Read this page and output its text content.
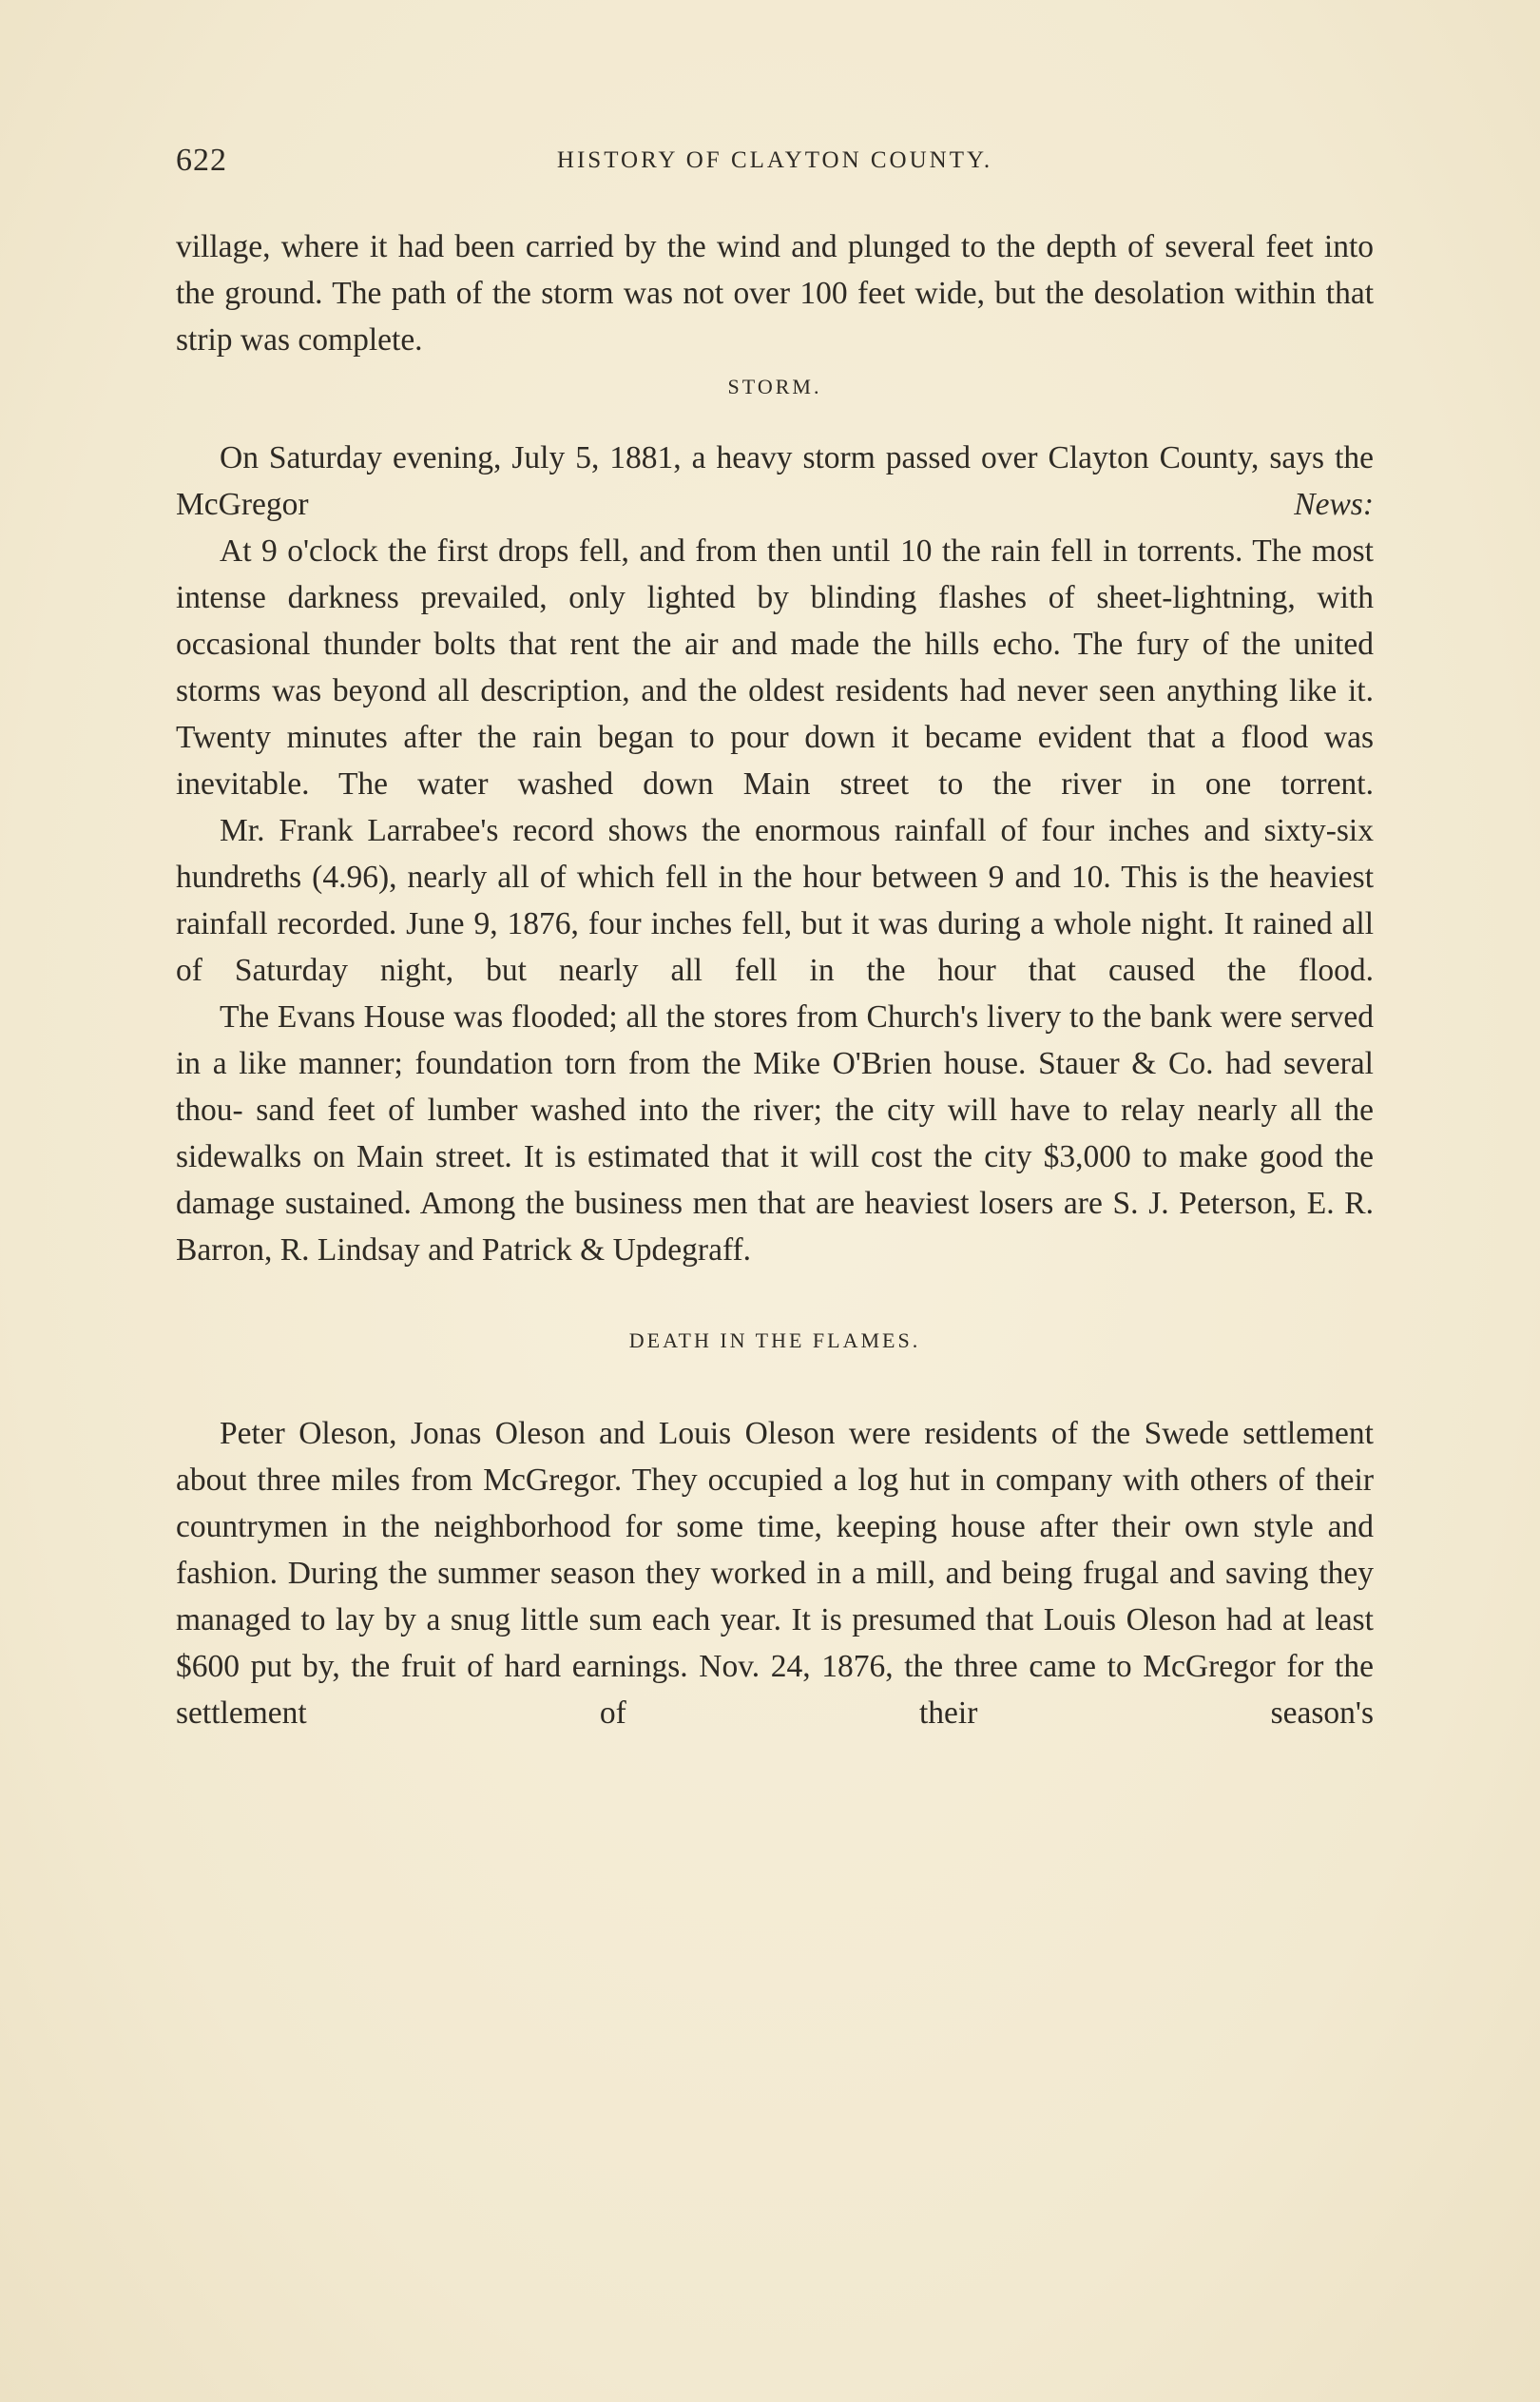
622	HISTORY OF CLAYTON COUNTY.

village, where it had been carried by the wind and plunged to the depth of several feet into the ground. The path of the storm was not over 100 feet wide, but the desolation within that strip was complete.

STORM.

On Saturday evening, July 5, 1881, a heavy storm passed over Clayton County, says the McGregor	News:

At 9 o'clock the first drops fell, and from then until 10 the rain fell in torrents. The most intense darkness prevailed, only lighted by blinding flashes of sheet-lightning, with occasional thunder bolts that rent the air and made the hills echo. The fury of the united storms was beyond all description, and the oldest residents had never seen anything like it. Twenty minutes after the rain began to pour down it became evident that a flood was inevitable. The water washed down Main street to the river in one torrent.

Mr. Frank Larrabee's record shows the enormous rainfall of four inches and sixty-six hundreths (4.96), nearly all of which fell in the hour between 9 and 10. This is the heaviest rainfall recorded. June 9, 1876, four inches fell, but it was during a whole night. It rained all of Saturday night, but nearly all fell in the hour that caused the flood.

The Evans House was flooded; all the stores from Church's livery to the bank were served in a like manner; foundation torn from the Mike O'Brien house. Stauer & Co. had several thou- sand feet of lumber washed into the river; the city will have to relay nearly all the sidewalks on Main street. It is estimated that it will cost the city $3,000 to make good the damage sustained. Among the business men that are heaviest losers are S. J. Peterson, E. R. Barron, R. Lindsay and Patrick & Updegraff.

DEATH IN THE FLAMES.

Peter Oleson, Jonas Oleson and Louis Oleson were residents of the Swede settlement about three miles from McGregor. They occupied a log hut in company with others of their countrymen in the neighborhood for some time, keeping house after their own style and fashion. During the summer season they worked in a mill, and being frugal and saving they managed to lay by a snug little sum each year. It is presumed that Louis Oleson had at least $600 put by, the fruit of hard earnings. Nov. 24, 1876, the three came to McGregor for the settlement of their season's
